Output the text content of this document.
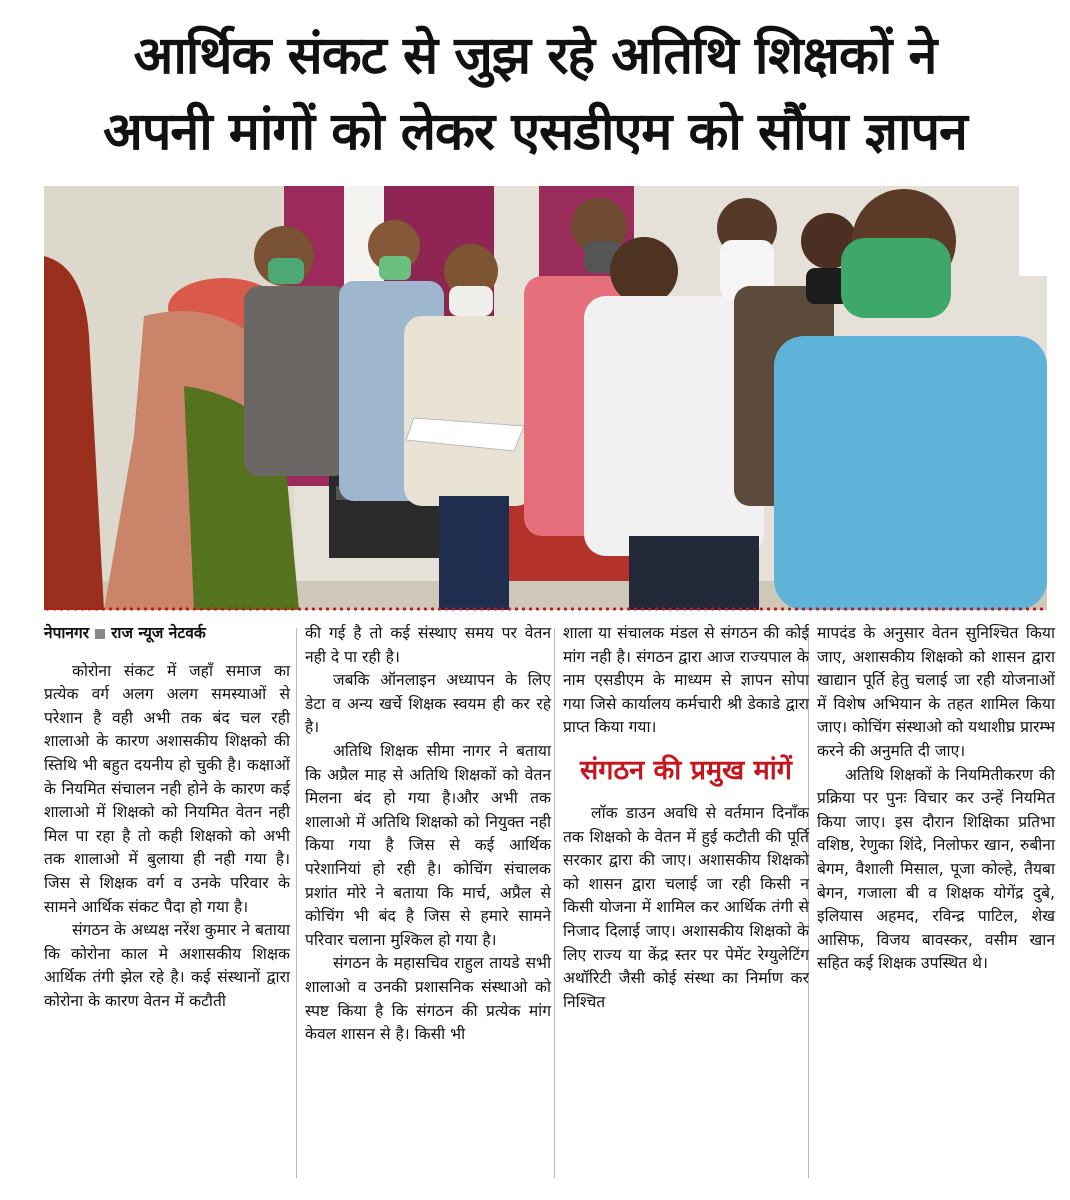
आर्थिक संकट से जुझ रहे अतिथि शिक्षकों ने
अपनी मांगों को लेकर एसडीएम को सौंपा ज्ञापन
नेपानगर राज न्यूज नेटवर्क

कोरोना संकट में जहाँ समाज का प्रत्येक वर्ग अलग अलग समस्याओं से परेशान है वही अभी तक बंद चल रही शालाओ के कारण अशासकीय शिक्षको की स्तिथि भी बहुत दयनीय हो चुकी है। कक्षाओं के नियमित संचालन नही होने के कारण कई शालाओ में शिक्षको को नियमित वेतन नही मिल पा रहा है तो कही शिक्षको को अभी तक शालाओ में बुलाया ही नही गया है। जिस से शिक्षक वर्ग व उनके परिवार के सामने आर्थिक संकट पैदा हो गया है।

संगठन के अध्यक्ष नरेंश कुमार ने बताया कि कोरोना काल मे अशासकीय शिक्षक आर्थिक तंगी झेल रहे है। कई संस्थानों द्वारा कोरोना के कारण वेतन में कटौती

की गई है तो कई संस्थाए समय पर वेतन नही दे पा रही है।

जबकि ऑनलाइन अध्यापन के लिए डेटा व अन्य खर्चे शिक्षक स्वयम ही कर रहे है।

अतिथि शिक्षक सीमा नागर ने बताया कि अप्रैल माह से अतिथि शिक्षकों को वेतन मिलना बंद हो गया है।और अभी तक शालाओ में अतिथि शिक्षको को नियुक्त नही किया गया है जिस से कई आर्थिक परेशानियां हो रही है। कोचिंग संचालक प्रशांत मोरे ने बताया कि मार्च, अप्रैल से कोचिंग भी बंद है जिस से हमारे सामने परिवार चलाना मुश्किल हो गया है।

संगठन के महासचिव राहुल तायडे सभी शालाओ व उनकी प्रशासनिक संस्थाओ को स्पष्ट किया है कि संगठन की प्रत्येक मांग केवल शासन से है। किसी भी

शाला या संचालक मंडल से संगठन की कोई मांग नही है। संगठन द्वारा आज राज्यपाल के नाम एसडीएम के माध्यम से ज्ञापन सोपा गया जिसे कार्यालय कर्मचारी श्री डेकाडे द्वारा प्राप्त किया गया।

संगठन की प्रमुख मांगें

लॉक डाउन अवधि से वर्तमान दिनाँक तक शिक्षको के वेतन में हुई कटौती की पूर्ति सरकार द्वारा की जाए। अशासकीय शिक्षको को शासन द्वारा चलाई जा रही किसी न किसी योजना में शामिल कर आर्थिक तंगी से निजाद दिलाई जाए। अशासकीय शिक्षको के लिए राज्य या केंद्र स्तर पर पेमेंट रेग्युलेटिंग अथॉरिटी जैसी कोई संस्था का निर्माण कर निश्चित

मापदंड के अनुसार वेतन सुनिश्चित किया जाए, अशासकीय शिक्षको को शासन द्वारा खाद्यान पूर्ति हेतु चलाई जा रही योजनाओं में विशेष अभियान के तहत शामिल किया जाए। कोचिंग संस्थाओ को यथाशीघ्र प्रारम्भ करने की अनुमति दी जाए।

अतिथि शिक्षकों के नियमितीकरण की प्रक्रिया पर पुनः विचार कर उन्हें नियमित किया जाए। इस दौरान शिक्षिका प्रतिभा वशिष्ठ, रेणुका शिंदे, निलोफर खान, रुबीना बेगम, वैशाली मिसाल, पूजा कोल्हे, तैयबा बेगन, गजाला बी व शिक्षक योगेंद्र दुबे, इलियास अहमद, रविन्द्र पाटिल, शेख आसिफ, विजय बावस्कर, वसीम खान सहित कई शिक्षक उपस्थित थे।
